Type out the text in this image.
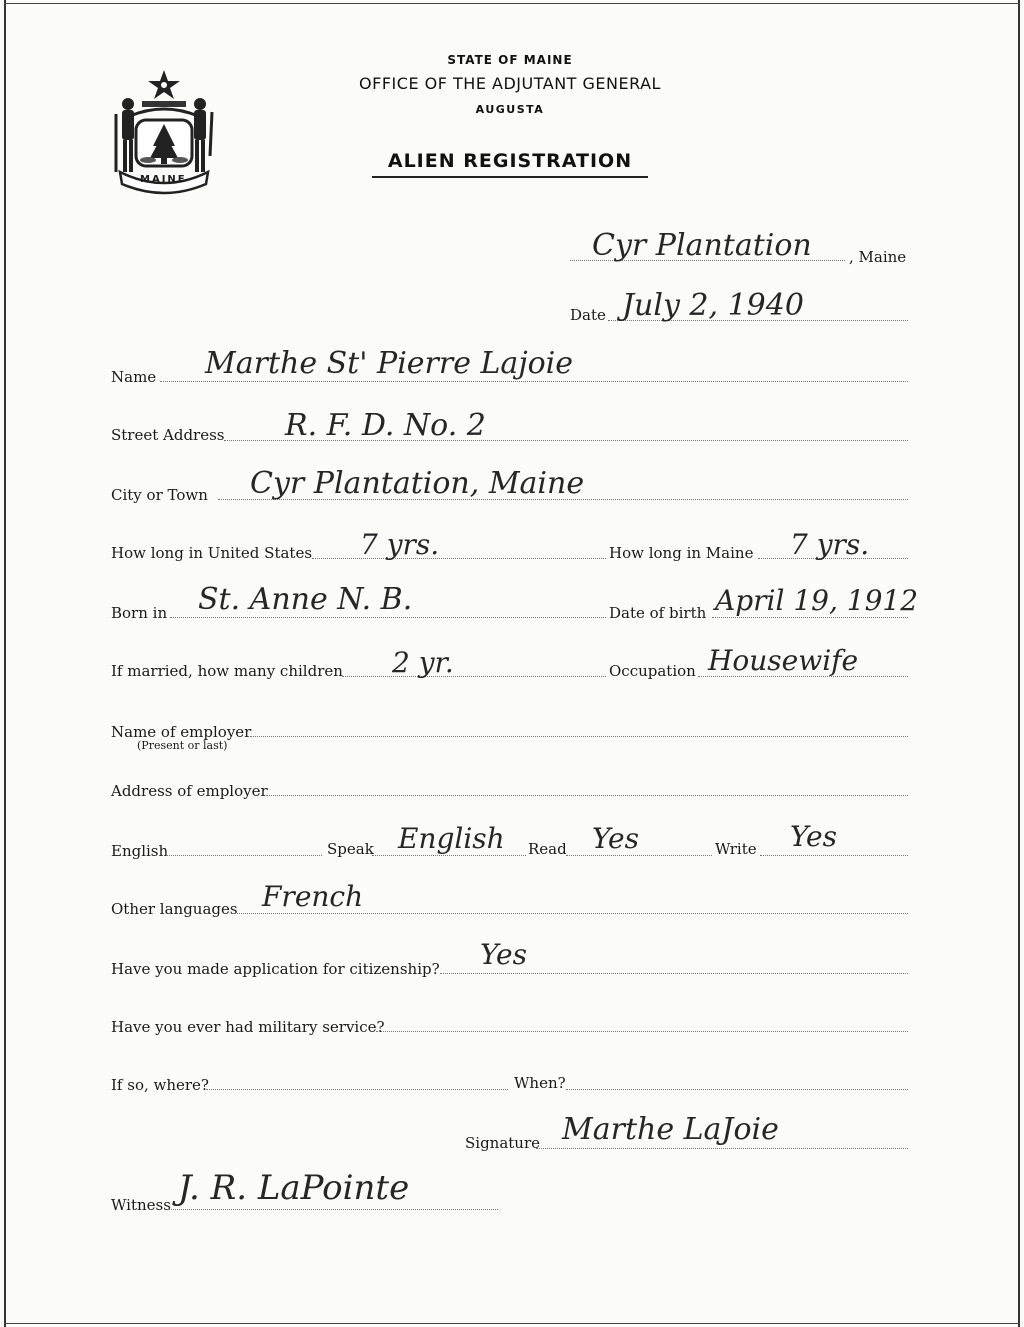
MAINE
STATE OF MAINE
OFFICE OF THE ADJUTANT GENERAL
AUGUSTA
ALIEN REGISTRATION
Cyr Plantation , Maine
Date July 2, 1940
Name Marthe St' Pierre Lajoie
Street Address R. F. D. No. 2
City or Town Cyr Plantation, Maine
How long in United States 7 yrs.	How long in Maine 7 yrs.
Born in St. Anne N. B.	Date of birth April 19, 1912
If married, how many children 2 yr.	Occupation Housewife
Name of employer
(Present or last)
Address of employer
English	Speak English Read Yes	Write Yes
Other languages French
Have you made application for citizenship? Yes
Have you ever had military service?
If so, where?	When?
Signature Marthe LaJoie
Witness J. R. LaPointe
